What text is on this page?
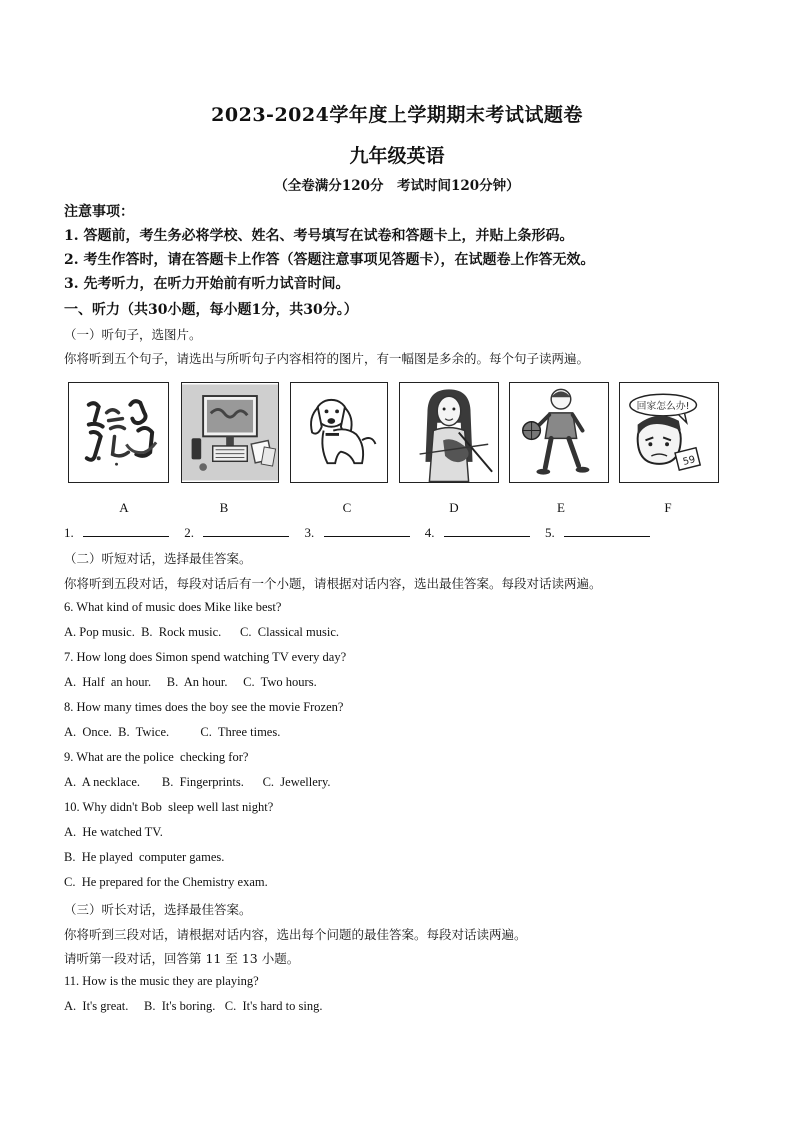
2023-2024学年度上学期期末考试试题卷
九年级英语
（全卷满分120分　考试时间120分钟）
注意事项：
1. 答题前，考生务必将学校、姓名、考号填写在试卷和答题卡上，并贴上条形码。
2. 考生作答时，请在答题卡上作答（答题注意事项见答题卡），在试题卷上作答无效。
3. 先考听力，在听力开始前有听力试音时间。
一、听力（共30小题，每小题1分，共30分。）
（一）听句子，选图片。
你将听到五个句子，请选出与所听句子内容相符的图片，有一幅图是多余的。每个句子读两遍。
回家怎么办!
59
A	B	C	D	E	F
1.	2.	3.	4.	5.
（二）听短对话，选择最佳答案。
你将听到五段对话，每段对话后有一个小题，请根据对话内容，选出最佳答案。每段对话读两遍。
6. What kind of music does Mike like best?
A. Pop music.  B.  Rock music.      C.  Classical music.
7. How long does Simon spend watching TV every day?
A.  Half  an hour.     B.  An hour.     C.  Two hours.
8. How many times does the boy see the movie Frozen?
A.  Once.  B.  Twice.          C.  Three times.
9. What are the police  checking for?
A.  A necklace.       B.  Fingerprints.      C.  Jewellery.
10. Why didn't Bob  sleep well last night?
A.  He watched TV.
B.  He played  computer games.
C.  He prepared for the Chemistry exam.
（三）听长对话，选择最佳答案。
你将听到三段对话，请根据对话内容，选出每个问题的最佳答案。每段对话读两遍。
请听第一段对话，回答第 11 至 13 小题。
11. How is the music they are playing?
A.  It's great.     B.  It's boring.   C.  It's hard to sing.
